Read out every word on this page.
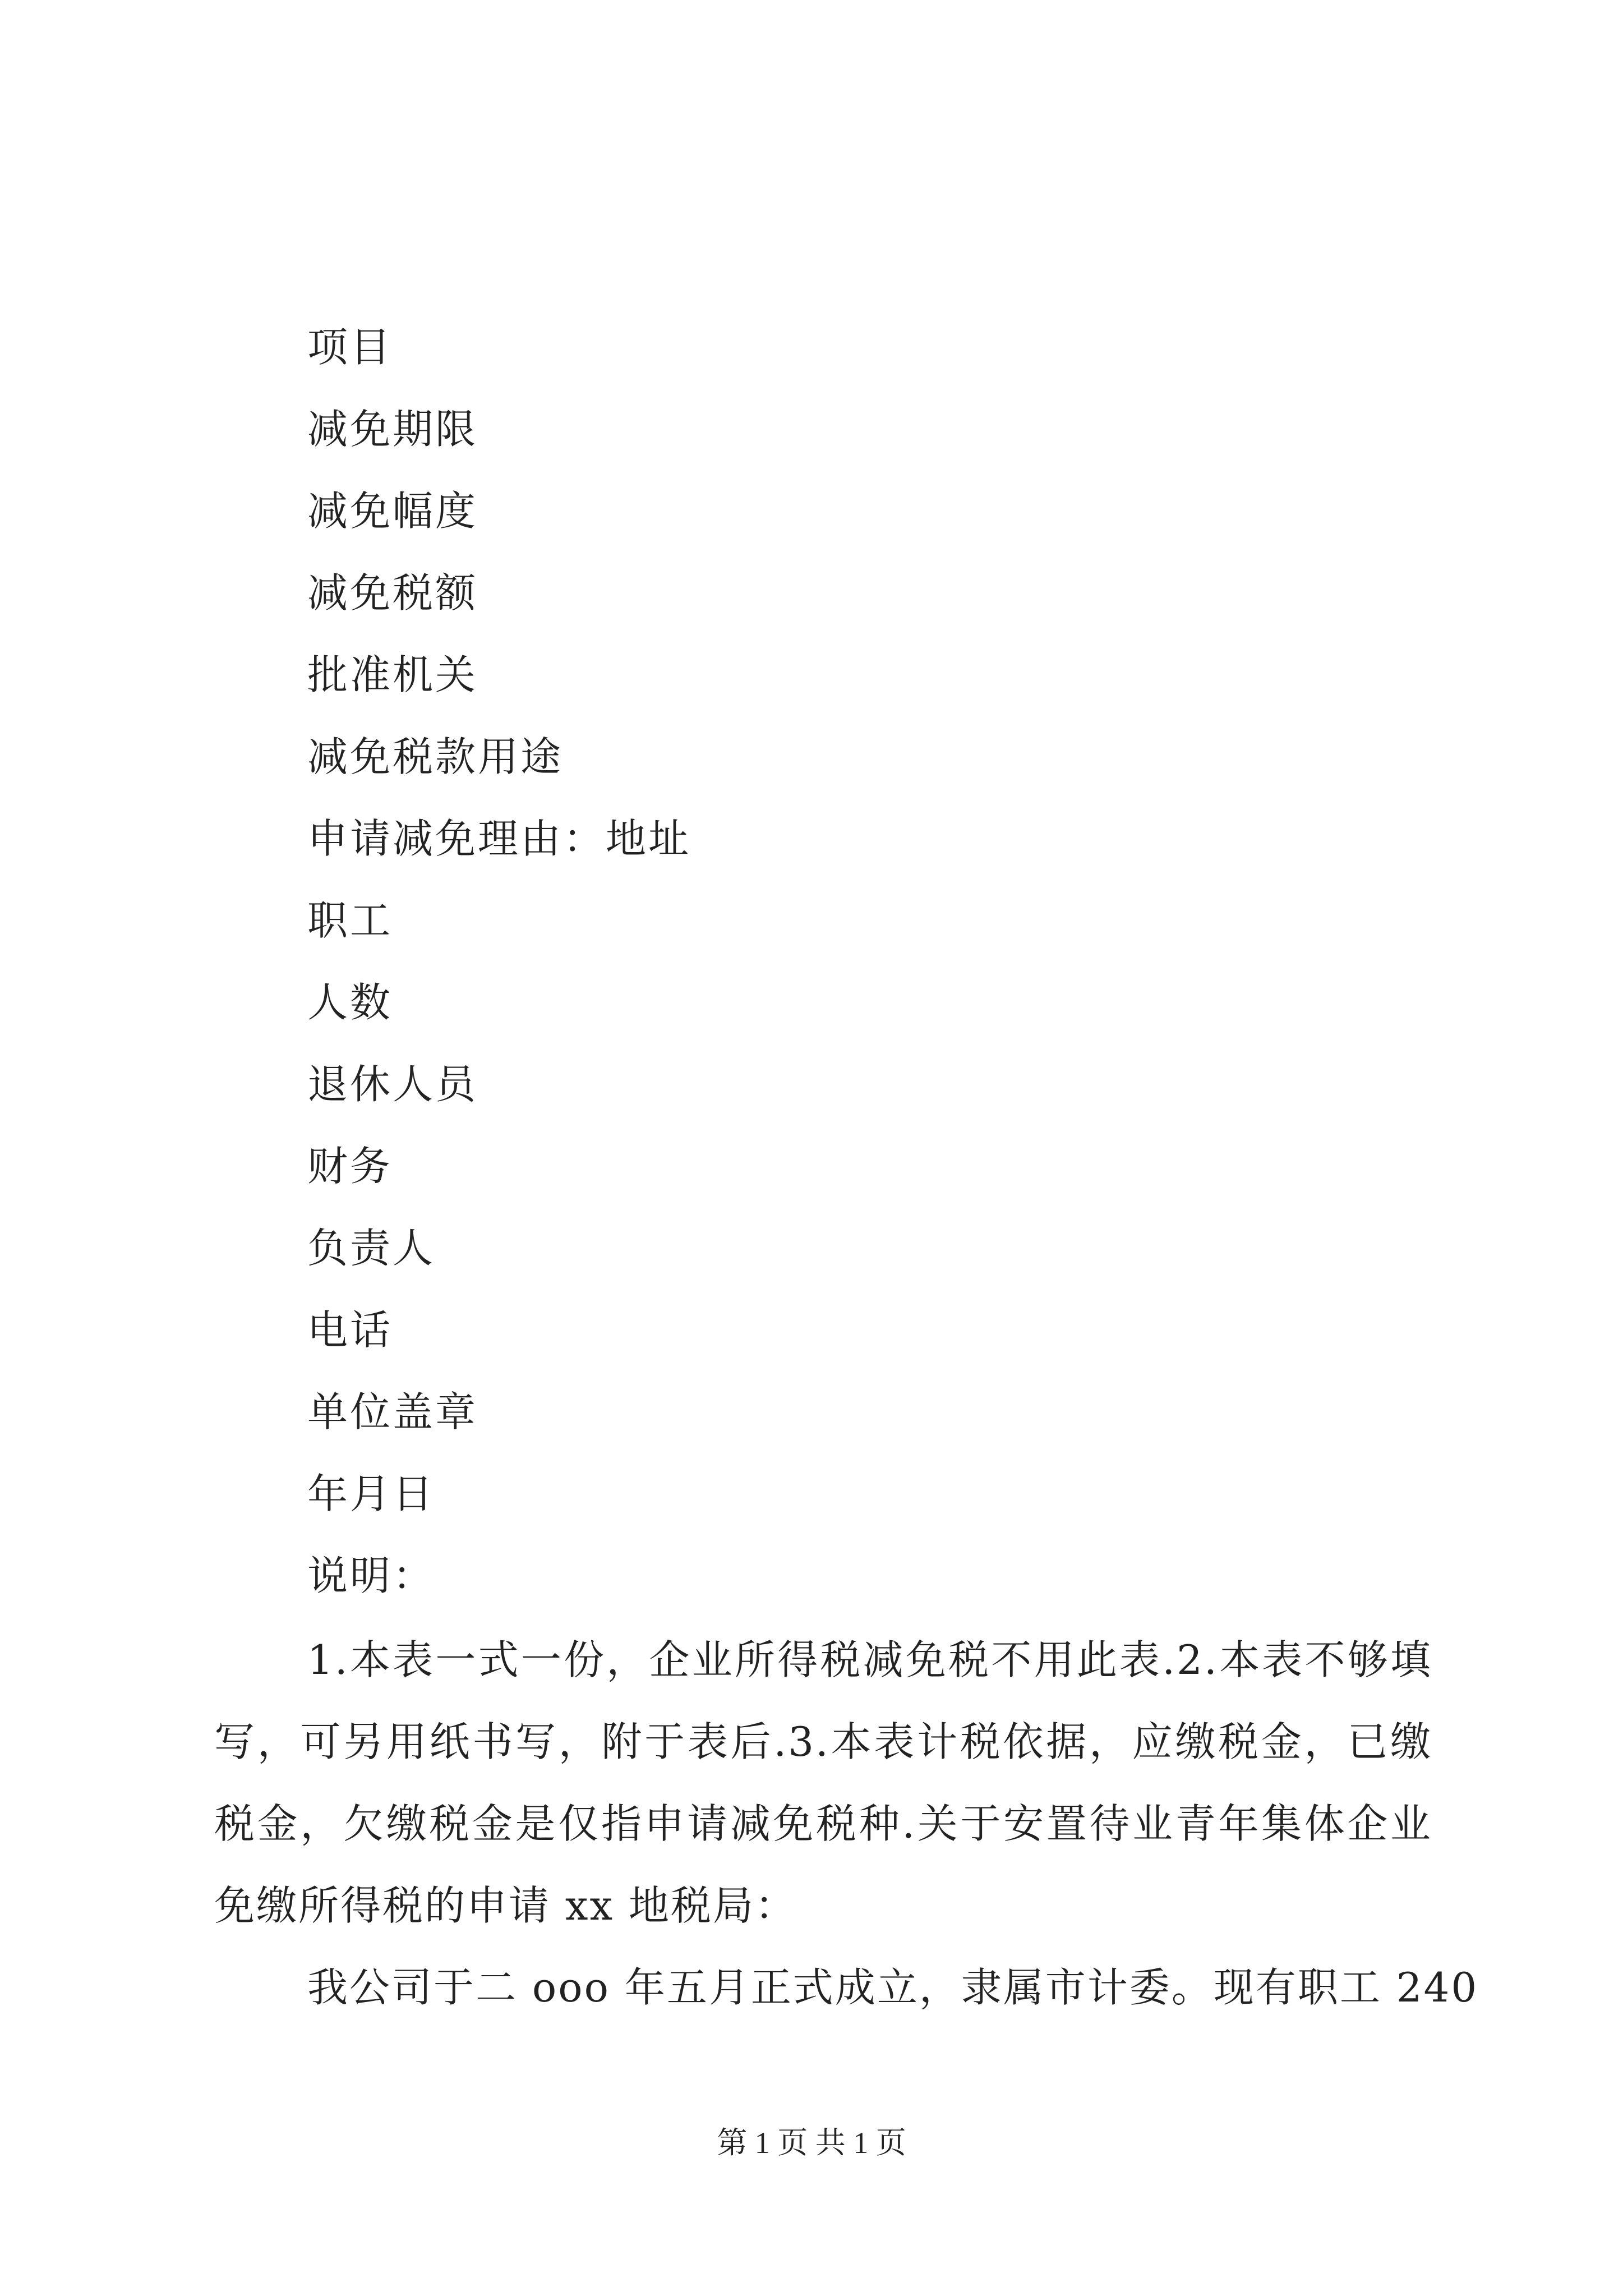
项目
减免期限
减免幅度
减免税额
批准机关
减免税款用途
申请减免理由：地址
职工
人数
退休人员
财务
负责人
电话
单位盖章
年月日
说明：

1.本表一式一份，企业所得税减免税不用此表.2.本表不够填写，可另用纸书写，附于表后.3.本表计税依据，应缴税金，已缴税金，欠缴税金是仅指申请减免税种.关于安置待业青年集体企业免缴所得税的申请 xx 地税局：

我公司于二 ooo 年五月正式成立，隶属市计委。现有职工 240

第 1 页 共 1 页
